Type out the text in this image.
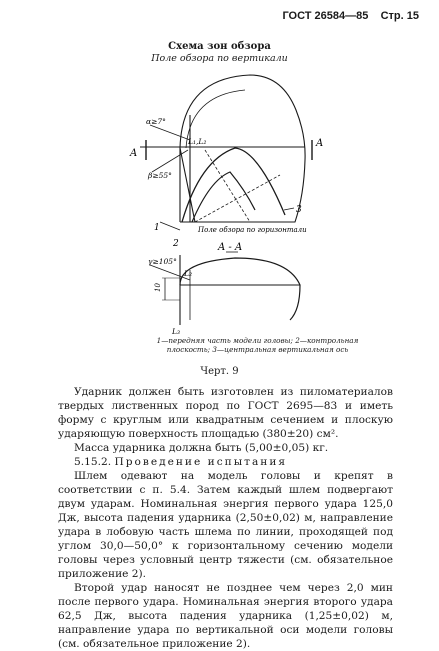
ГОСТ 26584—85 Стр. 15
Схема зон обзора
Поле обзора по вертикали
α≥7°
A
A
L₁,L₂
β≥55°
1
2
3
Поле обзора по горизонтали
A - A
γ≥105°
L₂
10
L₃
1—передняя часть модели головы; 2—контрольная плоскость; 3—центральная вертикальная ось
Черт. 9

Ударник должен быть изготовлен из пиломатериалов твердых лиственных пород по ГОСТ 2695—83 и иметь форму с круглым или квадратным сечением и плоскую ударяющую поверхность площадью (380±20) см².

Масса ударника должна быть (5,00±0,05) кг.

5.15.2. Проведение испытания

Шлем одевают на модель головы и крепят в соответствии с п. 5.4. Затем каждый шлем подвергают двум ударам. Номинальная энергия первого удара 125,0 Дж, высота падения ударника (2,50±0,02) м, направление удара в лобовую часть шлема по линии, проходящей под углом 30,0—50,0° к горизонтальному сечению модели головы через условный центр тяжести (см. обязательное приложение 2).

Второй удар наносят не позднее чем через 2,0 мин после первого удара. Номинальная энергия второго удара 62,5 Дж, высота падения ударника (1,25±0,02) м, направление удара по вертикальной оси модели головы (см. обязательное приложение 2).
